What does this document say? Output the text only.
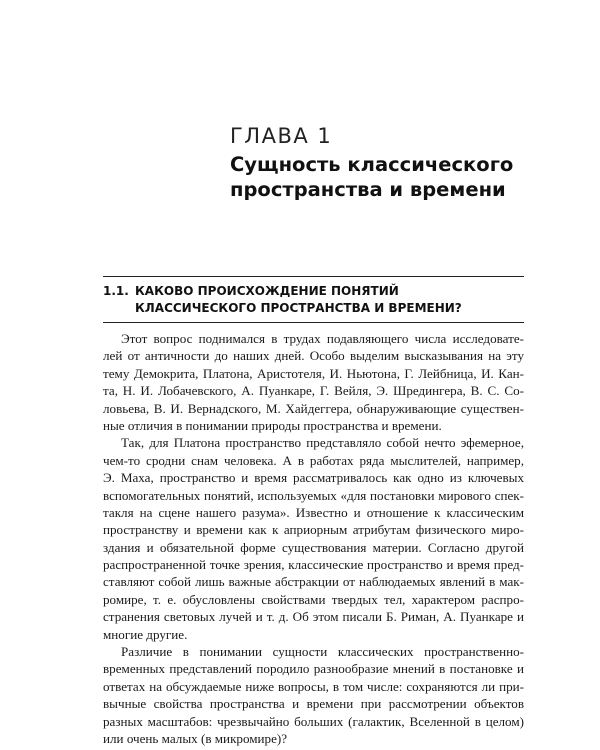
ГЛАВА 1
Сущность классического
пространства и времени
1.1. КАКОВО ПРОИСХОЖДЕНИЕ ПОНЯТИЙ
КЛАССИЧЕСКОГО ПРОСТРАНСТВА И ВРЕМЕНИ?
Этот вопрос поднимался в трудах подавляющего числа исследовате-
лей от античности до наших дней. Особо выделим высказывания на эту
тему Демокрита, Платона, Аристотеля, И. Ньютона, Г. Лейбница, И. Кан-
та, Н. И. Лобачевского, А. Пуанкаре, Г. Вейля, Э. Шредингера, В. С. Со-
ловьева, В. И. Вернадского, М. Хайдеггера, обнаруживающие существен-
ные отличия в понимании природы пространства и времени.
Так, для Платона пространство представляло собой нечто эфемерное,
чем-то сродни снам человека. А в работах ряда мыслителей, например,
Э. Маха, пространство и время рассматривалось как одно из ключевых
вспомогательных понятий, используемых «для постановки мирового спек-
такля на сцене нашего разума». Известно и отношение к классическим
пространству и времени как к априорным атрибутам физического миро-
здания и обязательной форме существования материи. Согласно другой
распространенной точке зрения, классические пространство и время пред-
ставляют собой лишь важные абстракции от наблюдаемых явлений в мак-
ромире, т. е. обусловлены свойствами твердых тел, характером распро-
странения световых лучей и т. д. Об этом писали Б. Риман, А. Пуанкаре и
многие другие.
Различие в понимании сущности классических пространственно-
временных представлений породило разнообразие мнений в постановке и
ответах на обсуждаемые ниже вопросы, в том числе: сохраняются ли при-
вычные свойства пространства и времени при рассмотрении объектов
разных масштабов: чрезвычайно больших (галактик, Вселенной в целом)
или очень малых (в микромире)?
